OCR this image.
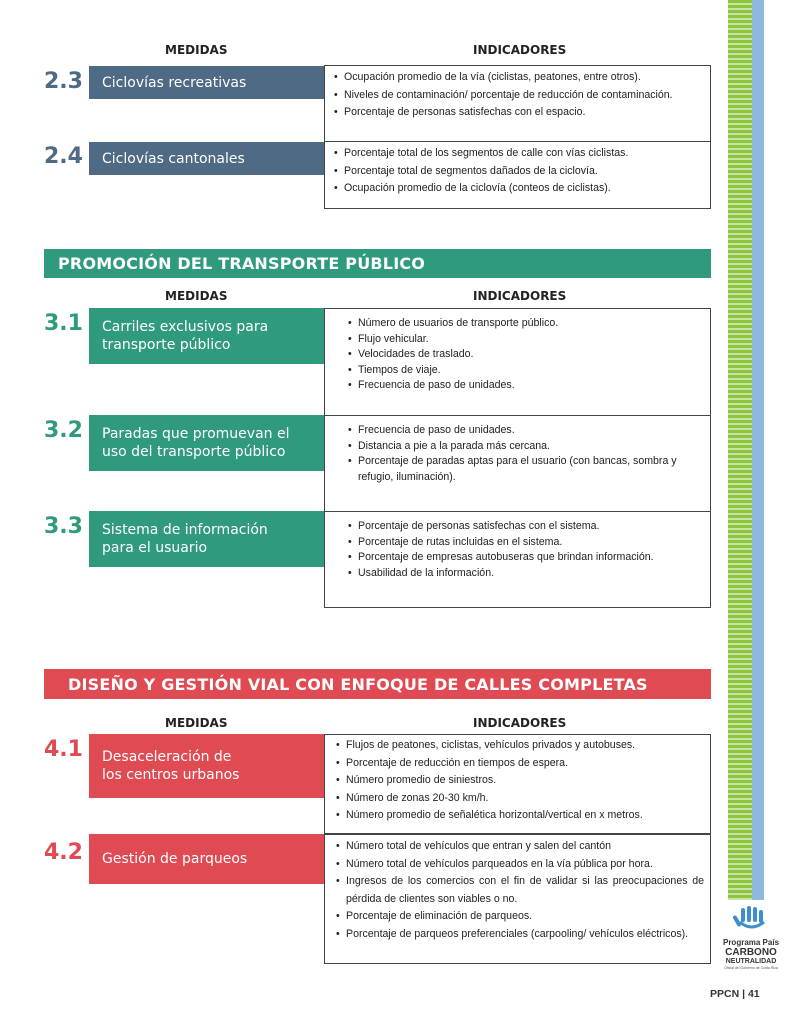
MEDIDAS	INDICADORES
2.3 Ciclovías recreativas	• Ocupación promedio de la vía (ciclistas, peatones, entre otros).
• Niveles de contaminación/ porcentaje de reducción de contaminación.
• Porcentaje de personas satisfechas con el espacio.
2.4 Ciclovías cantonales	• Porcentaje total de los segmentos de calle con vías ciclistas.
• Porcentaje total de segmentos dañados de la ciclovía.
• Ocupación promedio de la ciclovía (conteos de ciclistas).
PROMOCIÓN DEL TRANSPORTE PÚBLICO
MEDIDAS	INDICADORES
3.1 Carriles exclusivos para
transporte público
• Número de usuarios de transporte público.
• Flujo vehicular.
• Velocidades de traslado.
• Tiempos de viaje.
• Frecuencia de paso de unidades.
3.2 Paradas que promuevan el
uso del transporte público
• Frecuencia de paso de unidades.
• Distancia a pie a la parada más cercana.
• Porcentaje de paradas aptas para el usuario (con bancas, sombra y refugio, iluminación).
3.3 Sistema de información
para el usuario
• Porcentaje de personas satisfechas con el sistema.
• Porcentaje de rutas incluidas en el sistema.
• Porcentaje de empresas autobuseras que brindan información.
• Usabilidad de la información.
DISEÑO Y GESTIÓN VIAL CON ENFOQUE DE CALLES COMPLETAS
MEDIDAS	INDICADORES
4.1 Desaceleración de
los centros urbanos
• Flujos de peatones, ciclistas, vehículos privados y autobuses.
• Porcentaje de reducción en tiempos de espera.
• Número promedio de siniestros.
• Número de zonas 20-30 km/h.
• Número promedio de señalética horizontal/vertical en x metros.
4.2 Gestión de parqueos
• Número total de vehículos que entran y salen del cantón
• Número total de vehículos parqueados en la vía pública por hora.
• Ingresos de los comercios con el fin de validar si las preocupaciones de pérdida de clientes son viables o no.
• Porcentaje de eliminación de parqueos.
• Porcentaje de parqueos preferenciales (carpooling/ vehículos eléctricos).
Programa País
CARBONO
NEUTRALIDAD
Oficial del Gobierno de Costa Rica
PPCN | 41
